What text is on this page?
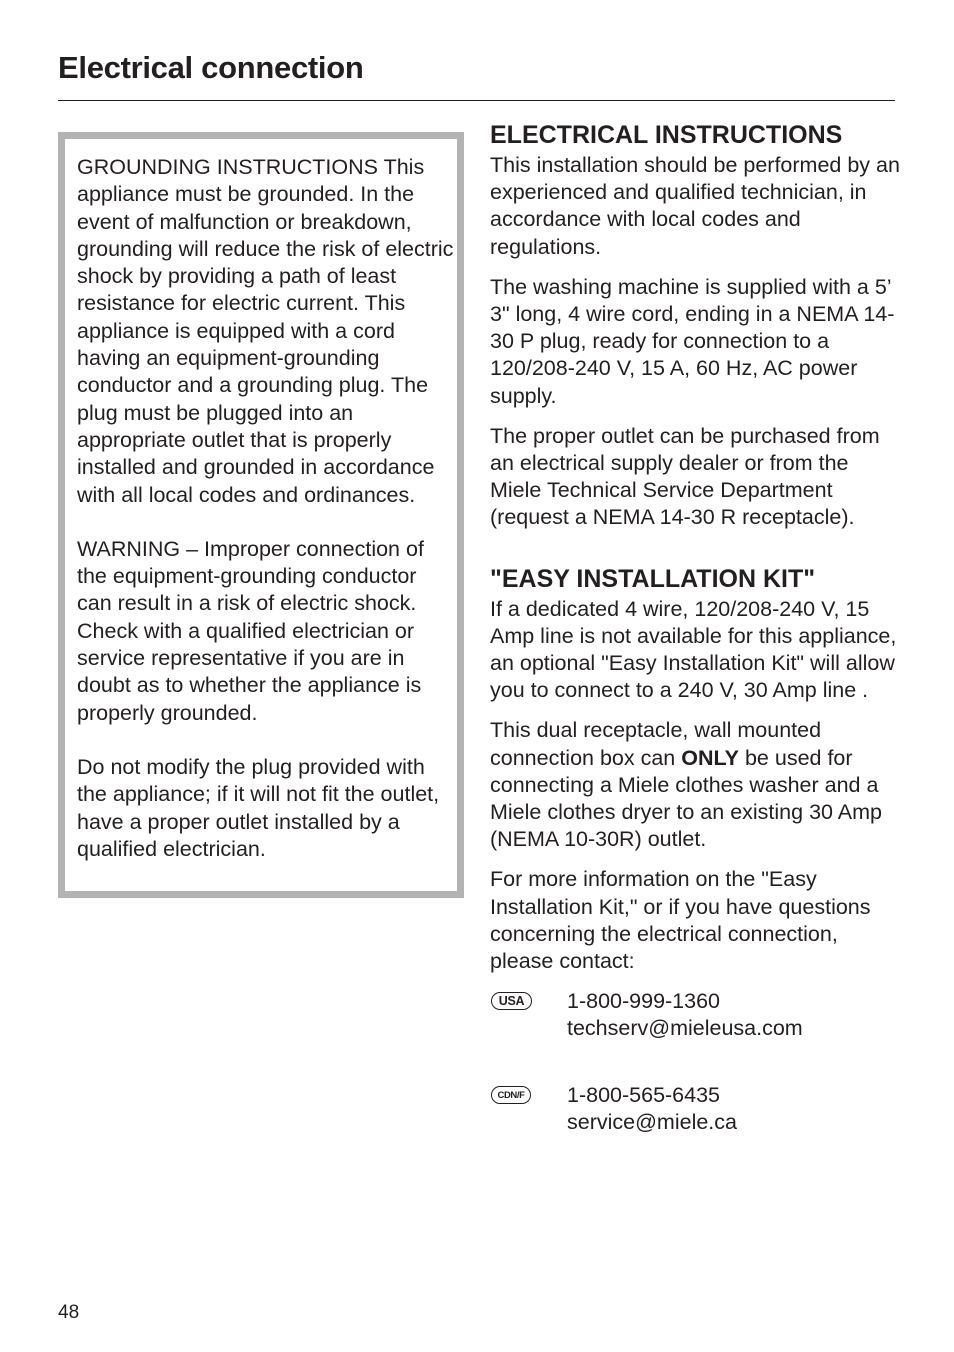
Electrical connection

GROUNDING INSTRUCTIONS This appliance must be grounded. In the event of malfunction or breakdown, grounding will reduce the risk of electric shock by providing a path of least resistance for electric current. This appliance is equipped with a cord having an equipment-grounding conductor and a grounding plug. The plug must be plugged into an appropriate outlet that is properly installed and grounded in accordance with all local codes and ordinances.

WARNING – Improper connection of the equipment-grounding conductor can result in a risk of electric shock. Check with a qualified electrician or service representative if you are in doubt as to whether the appliance is properly grounded.

Do not modify the plug provided with the appliance; if it will not fit the outlet, have a proper outlet installed by a qualified electrician.

ELECTRICAL INSTRUCTIONS

This installation should be performed by an experienced and qualified technician, in accordance with local codes and regulations.

The washing machine is supplied with a 5’ 3" long, 4 wire cord, ending in a NEMA 14-30 P plug, ready for connection to a 120/208-240 V, 15 A, 60 Hz, AC power supply.

The proper outlet can be purchased from an electrical supply dealer or from the Miele Technical Service Department (request a NEMA 14-30 R receptacle).

"EASY INSTALLATION KIT"

If a dedicated 4 wire, 120/208-240 V, 15 Amp line is not available for this appliance, an optional "Easy Installation Kit" will allow you to connect to a 240 V, 30 Amp line .

This dual receptacle, wall mounted connection box can ONLY be used for connecting a Miele clothes washer and a Miele clothes dryer to an existing 30 Amp (NEMA 10-30R) outlet.

For more information on the "Easy Installation Kit," or if you have questions concerning the electrical connection, please contact:

USA	1-800-999-1360
techserv@mieleusa.com
CDN/F	1-800-565-6435
service@miele.ca
48
